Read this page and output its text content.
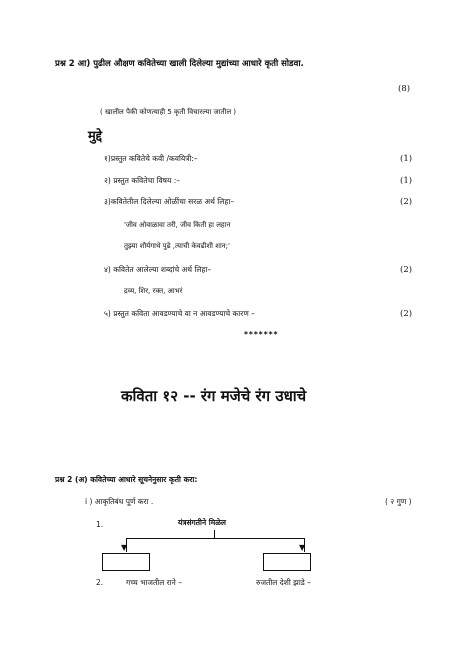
प्रश्न 2 आ) पुढील औक्षण कवितेच्या खाली दिलेल्या मुद्यांच्या आधारे कृती सोडवा.
(8)
( खालील पैकी कोणत्याही 5 कृती विचारल्या जातील )
मुद्दे
१)प्रस्तुत कवितेचे कवी /कवयित्री:–	(1)
२) प्रस्तुत कवितेचा विषय :–	(1)
३)कवितेतील दिलेल्या ओळींचा सरळ अर्थ लिहा–	(2)
'जीव ओवाळावा तरी, जीव किती हा लहान
तुझ्या शौर्यगाथे पुढे ,त्याची केवढीशी शान;'
४) कवितेत आलेल्या शब्दांचे अर्थ लिहा–	(2)
द्रव्य, शिर, रक्त, आभरं
५) प्रस्तुत कविता आवडण्याचे वा न आवडण्याचे कारण –	(2)
*******
कविता १२ -- रंग मजेचे रंग उधाचे
प्रश्न 2 (अ) कवितेच्या आधारे सूचनेनुसार कृती करा:
i ) आकृतिबंध पूर्ण करा .	( २ गुण )
1.	यंत्रसंगतीने मिळेल
▼	▼
2.	गच्च भाजतील राने –	रुजतील देशी झाडे –
